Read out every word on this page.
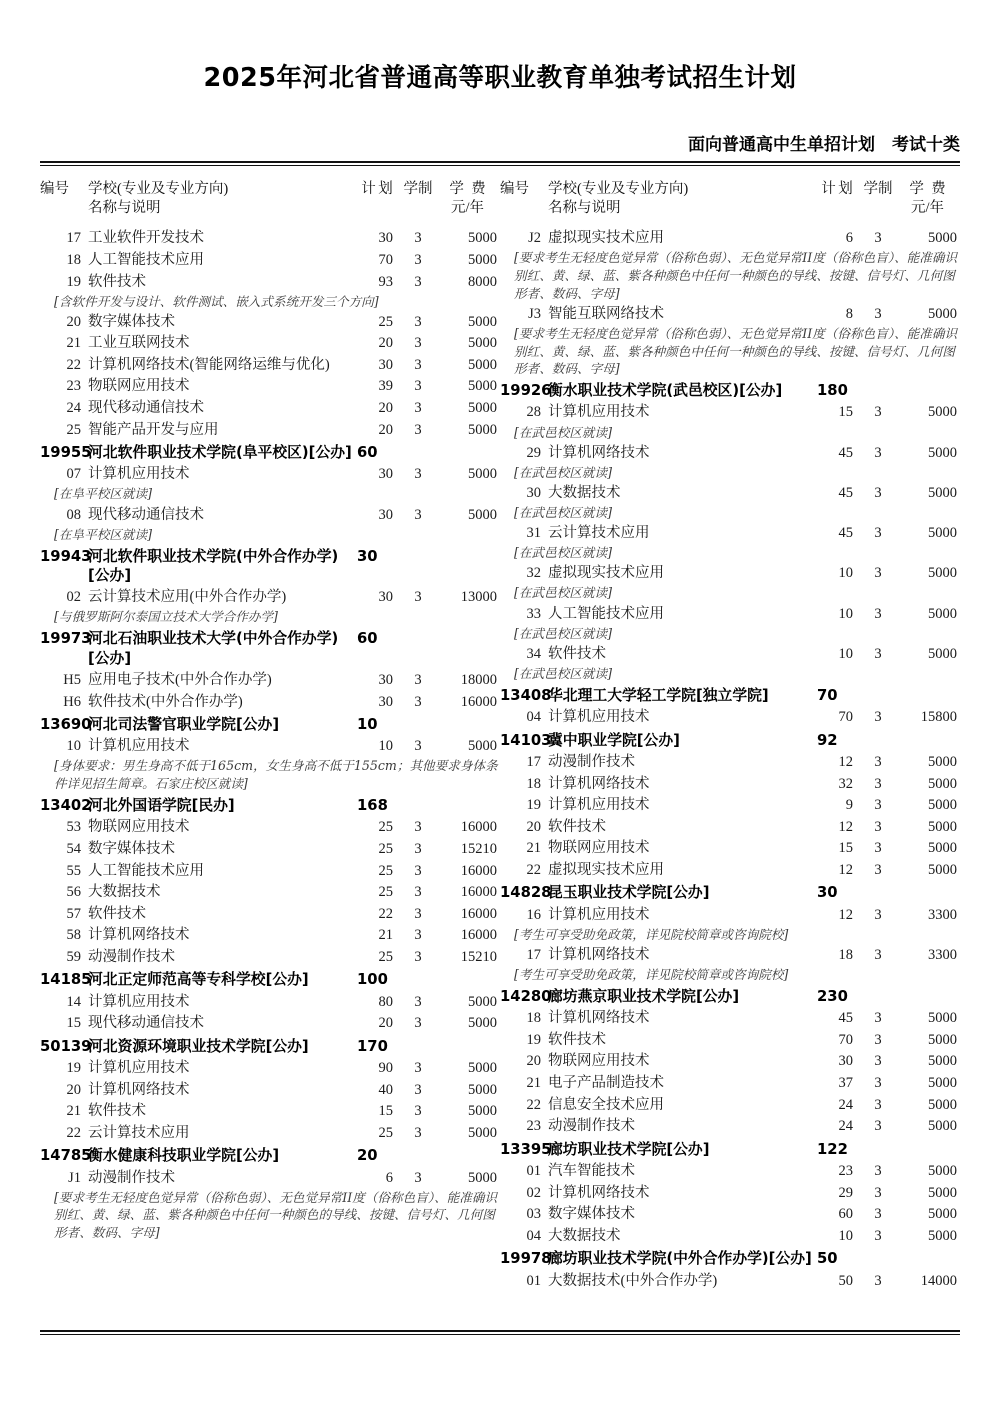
2025年河北省普通高等职业教育单独考试招生计划
面向普通高中生单招计划　考试十类
编号	学校(专业及专业方向)
名称与说明	计 划	学制	学 费
元/年

17	工业软件开发技术	30	3	5000
18	人工智能技术应用	70	3	5000
19	软件技术	93	3	8000
[含软件开发与设计、软件测试、嵌入式系统开发三个方向]				
20	数字媒体技术	25	3	5000
21	工业互联网技术	20	3	5000
22	计算机网络技术(智能网络运维与优化)	30	3	5000
23	物联网应用技术	39	3	5000
24	现代移动通信技术	20	3	5000
25	智能产品开发与应用	20	3	5000
19955	河北软件职业技术学院(阜平校区)[公办]	60		
07	计算机应用技术	30	3	5000
[在阜平校区就读]				
08	现代移动通信技术	30	3	5000
[在阜平校区就读]				
19943	河北软件职业技术学院(中外合作办学)[公办]	30		
02	云计算技术应用(中外合作办学)	30	3	13000
[与俄罗斯阿尔泰国立技术大学合作办学]				
19973	河北石油职业技术大学(中外合作办学)[公办]	60		
H5	应用电子技术(中外合作办学)	30	3	18000
H6	软件技术(中外合作办学)	30	3	16000
13690	河北司法警官职业学院[公办]	10		
10	计算机应用技术	10	3	5000
[身体要求：男生身高不低于165cm，女生身高不低于155cm；其他要求身体条件详见招生简章。石家庄校区就读]				
13402	河北外国语学院[民办]	168		
53	物联网应用技术	25	3	16000
54	数字媒体技术	25	3	15210
55	人工智能技术应用	25	3	16000
56	大数据技术	25	3	16000
57	软件技术	22	3	16000
58	计算机网络技术	21	3	16000
59	动漫制作技术	25	3	15210
14185	河北正定师范高等专科学校[公办]	100		
14	计算机应用技术	80	3	5000
15	现代移动通信技术	20	3	5000
50139	河北资源环境职业技术学院[公办]	170		
19	计算机应用技术	90	3	5000
20	计算机网络技术	40	3	5000
21	软件技术	15	3	5000
22	云计算技术应用	25	3	5000
14785	衡水健康科技职业学院[公办]	20		
J1	动漫制作技术	6	3	5000
[要求考生无轻度色觉异常（俗称色弱）、无色觉异常II度（俗称色盲）、能准确识别红、黄、绿、蓝、紫各种颜色中任何一种颜色的导线、按键、信号灯、几何图形者、数码、字母]				
编号	学校(专业及专业方向)
名称与说明	计 划	学制	学 费
元/年

J2	虚拟现实技术应用	6	3	5000
[要求考生无轻度色觉异常（俗称色弱）、无色觉异常II度（俗称色盲）、能准确识别红、黄、绿、蓝、紫各种颜色中任何一种颜色的导线、按键、信号灯、几何图形者、数码、字母]				
J3	智能互联网络技术	8	3	5000
[要求考生无轻度色觉异常（俗称色弱）、无色觉异常II度（俗称色盲）、能准确识别红、黄、绿、蓝、紫各种颜色中任何一种颜色的导线、按键、信号灯、几何图形者、数码、字母]				
19926	衡水职业技术学院(武邑校区)[公办]	180		
28	计算机应用技术	15	3	5000
[在武邑校区就读]				
29	计算机网络技术	45	3	5000
[在武邑校区就读]				
30	大数据技术	45	3	5000
[在武邑校区就读]				
31	云计算技术应用	45	3	5000
[在武邑校区就读]				
32	虚拟现实技术应用	10	3	5000
[在武邑校区就读]				
33	人工智能技术应用	10	3	5000
[在武邑校区就读]				
34	软件技术	10	3	5000
[在武邑校区就读]				
13408	华北理工大学轻工学院[独立学院]	70		
04	计算机应用技术	70	3	15800
14103	冀中职业学院[公办]	92		
17	动漫制作技术	12	3	5000
18	计算机网络技术	32	3	5000
19	计算机应用技术	9	3	5000
20	软件技术	12	3	5000
21	物联网应用技术	15	3	5000
22	虚拟现实技术应用	12	3	5000
14828	昆玉职业技术学院[公办]	30		
16	计算机应用技术	12	3	3300
[考生可享受助免政策，详见院校简章或咨询院校]				
17	计算机网络技术	18	3	3300
[考生可享受助免政策，详见院校简章或咨询院校]				
14280	廊坊燕京职业技术学院[公办]	230		
18	计算机网络技术	45	3	5000
19	软件技术	70	3	5000
20	物联网应用技术	30	3	5000
21	电子产品制造技术	37	3	5000
22	信息安全技术应用	24	3	5000
23	动漫制作技术	24	3	5000
13395	廊坊职业技术学院[公办]	122		
01	汽车智能技术	23	3	5000
02	计算机网络技术	29	3	5000
03	数字媒体技术	60	3	5000
04	大数据技术	10	3	5000
19978	廊坊职业技术学院(中外合作办学)[公办]	50		
01	大数据技术(中外合作办学)	50	3	14000
